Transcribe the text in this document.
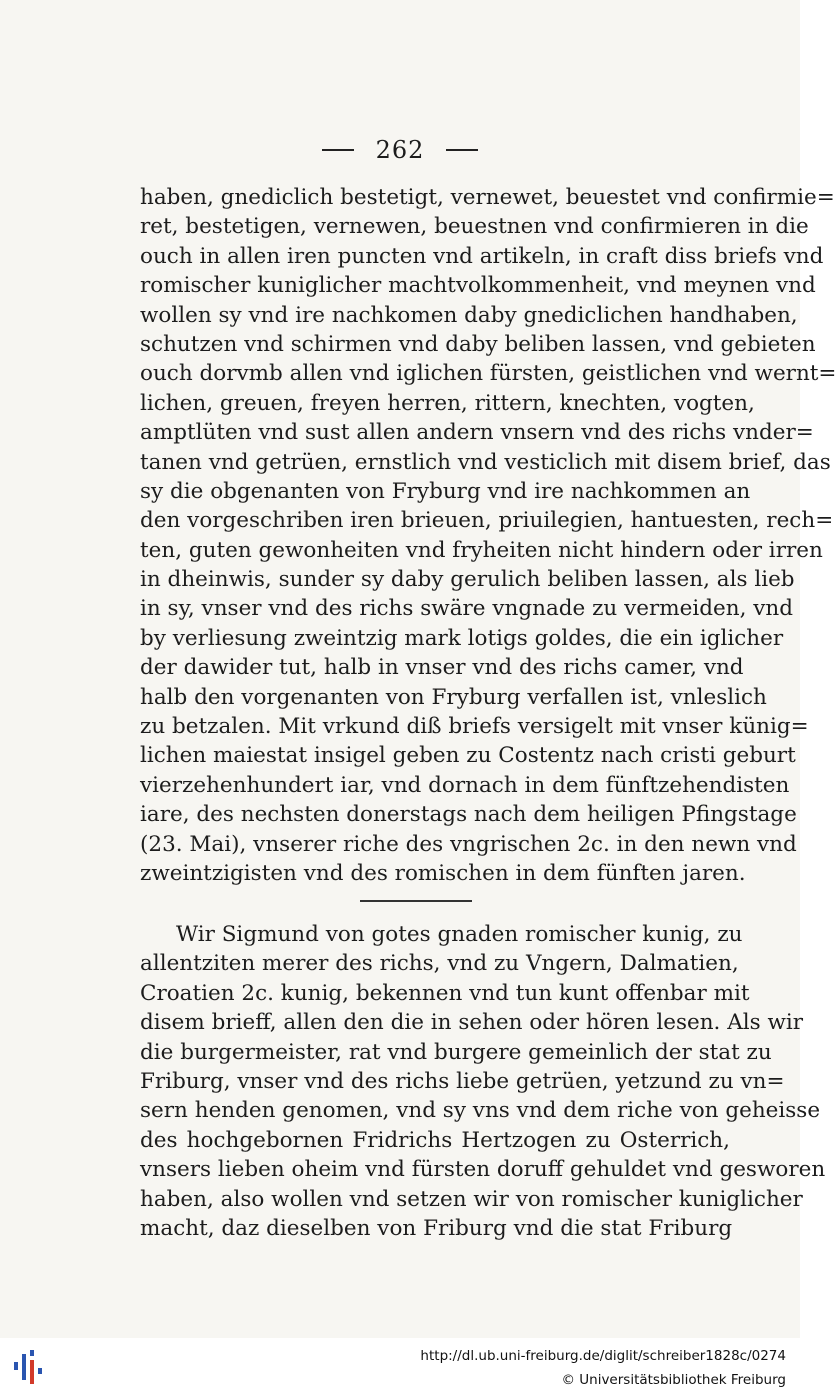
262
haben, gnediclich bestetigt, vernewet, beuestet vnd confirmie=
ret, bestetigen, vernewen, beuestnen vnd confirmieren in die
ouch in allen iren puncten vnd artikeln, in craft diss briefs vnd
romischer kuniglicher machtvolkommenheit, vnd meynen vnd
wollen sy vnd ire nachkomen daby gnediclichen handhaben,
schutzen vnd schirmen vnd daby beliben lassen, vnd gebieten
ouch dorvmb allen vnd iglichen fürsten, geistlichen vnd wernt=
lichen, greuen, freyen herren, rittern, knechten, vogten,
amptlüten vnd sust allen andern vnsern vnd des richs vnder=
tanen vnd getrüen, ernstlich vnd vesticlich mit disem brief, das
sy die obgenanten von Fryburg vnd ire nachkommen an
den vorgeschriben iren brieuen, priuilegien, hantuesten, rech=
ten, guten gewonheiten vnd fryheiten nicht hindern oder irren
in dheinwis, sunder sy daby gerulich beliben lassen, als lieb
in sy, vnser vnd des richs swäre vngnade zu vermeiden, vnd
by verliesung zweintzig mark lotigs goldes, die ein iglicher
der dawider tut, halb in vnser vnd des richs camer, vnd
halb den vorgenanten von Fryburg verfallen ist, vnleslich
zu betzalen. Mit vrkund diß briefs versigelt mit vnser künig=
lichen maiestat insigel geben zu Costentz nach cristi geburt
vierzehenhundert iar, vnd dornach in dem fünftzehendisten
iare, des nechsten donerstags nach dem heiligen Pfingstage
(23. Mai), vnserer riche des vngrischen 2c. in den newn vnd
zweintzigisten vnd des romischen in dem fünften jaren.
Wir Sigmund von gotes gnaden romischer kunig, zu
allentziten merer des richs, vnd zu Vngern, Dalmatien,
Croatien 2c. kunig, bekennen vnd tun kunt offenbar mit
disem brieff, allen den die in sehen oder hören lesen. Als wir
die burgermeister, rat vnd burgere gemeinlich der stat zu
Friburg, vnser vnd des richs liebe getrüen, yetzund zu vn=
sern henden genomen, vnd sy vns vnd dem riche von geheisse
des hochgebornen Fridrichs Hertzogen zu Osterrich,
vnsers lieben oheim vnd fürsten doruff gehuldet vnd gesworen
haben, also wollen vnd setzen wir von romischer kuniglicher
macht, daz dieselben von Friburg vnd die stat Friburg
http://dl.ub.uni-freiburg.de/diglit/schreiber1828c/0274
© Universitätsbibliothek Freiburg
